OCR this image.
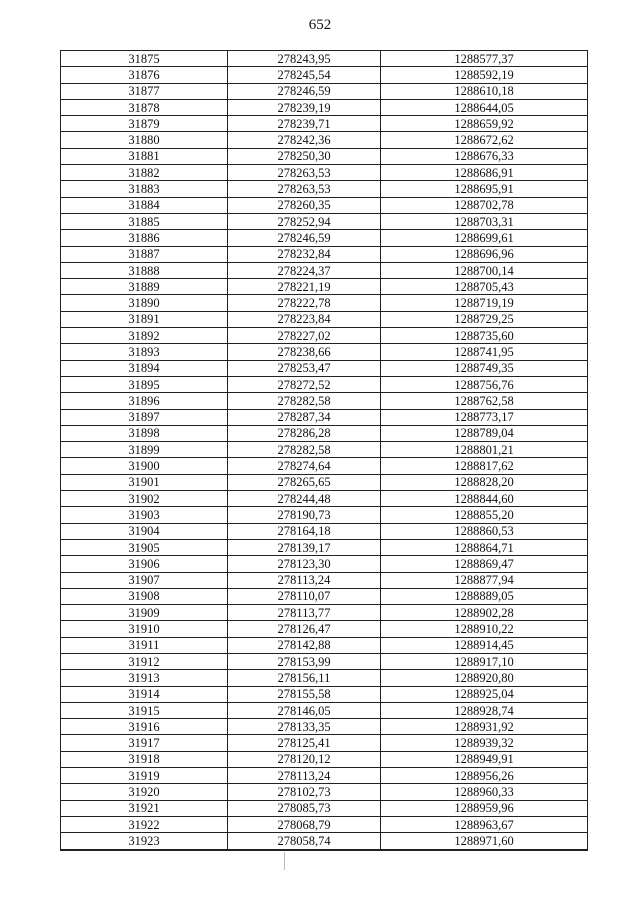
652
31875	278243,95	1288577,37
31876	278245,54	1288592,19
31877	278246,59	1288610,18
31878	278239,19	1288644,05
31879	278239,71	1288659,92
31880	278242,36	1288672,62
31881	278250,30	1288676,33
31882	278263,53	1288686,91
31883	278263,53	1288695,91
31884	278260,35	1288702,78
31885	278252,94	1288703,31
31886	278246,59	1288699,61
31887	278232,84	1288696,96
31888	278224,37	1288700,14
31889	278221,19	1288705,43
31890	278222,78	1288719,19
31891	278223,84	1288729,25
31892	278227,02	1288735,60
31893	278238,66	1288741,95
31894	278253,47	1288749,35
31895	278272,52	1288756,76
31896	278282,58	1288762,58
31897	278287,34	1288773,17
31898	278286,28	1288789,04
31899	278282,58	1288801,21
31900	278274,64	1288817,62
31901	278265,65	1288828,20
31902	278244,48	1288844,60
31903	278190,73	1288855,20
31904	278164,18	1288860,53
31905	278139,17	1288864,71
31906	278123,30	1288869,47
31907	278113,24	1288877,94
31908	278110,07	1288889,05
31909	278113,77	1288902,28
31910	278126,47	1288910,22
31911	278142,88	1288914,45
31912	278153,99	1288917,10
31913	278156,11	1288920,80
31914	278155,58	1288925,04
31915	278146,05	1288928,74
31916	278133,35	1288931,92
31917	278125,41	1288939,32
31918	278120,12	1288949,91
31919	278113,24	1288956,26
31920	278102,73	1288960,33
31921	278085,73	1288959,96
31922	278068,79	1288963,67
31923	278058,74	1288971,60
